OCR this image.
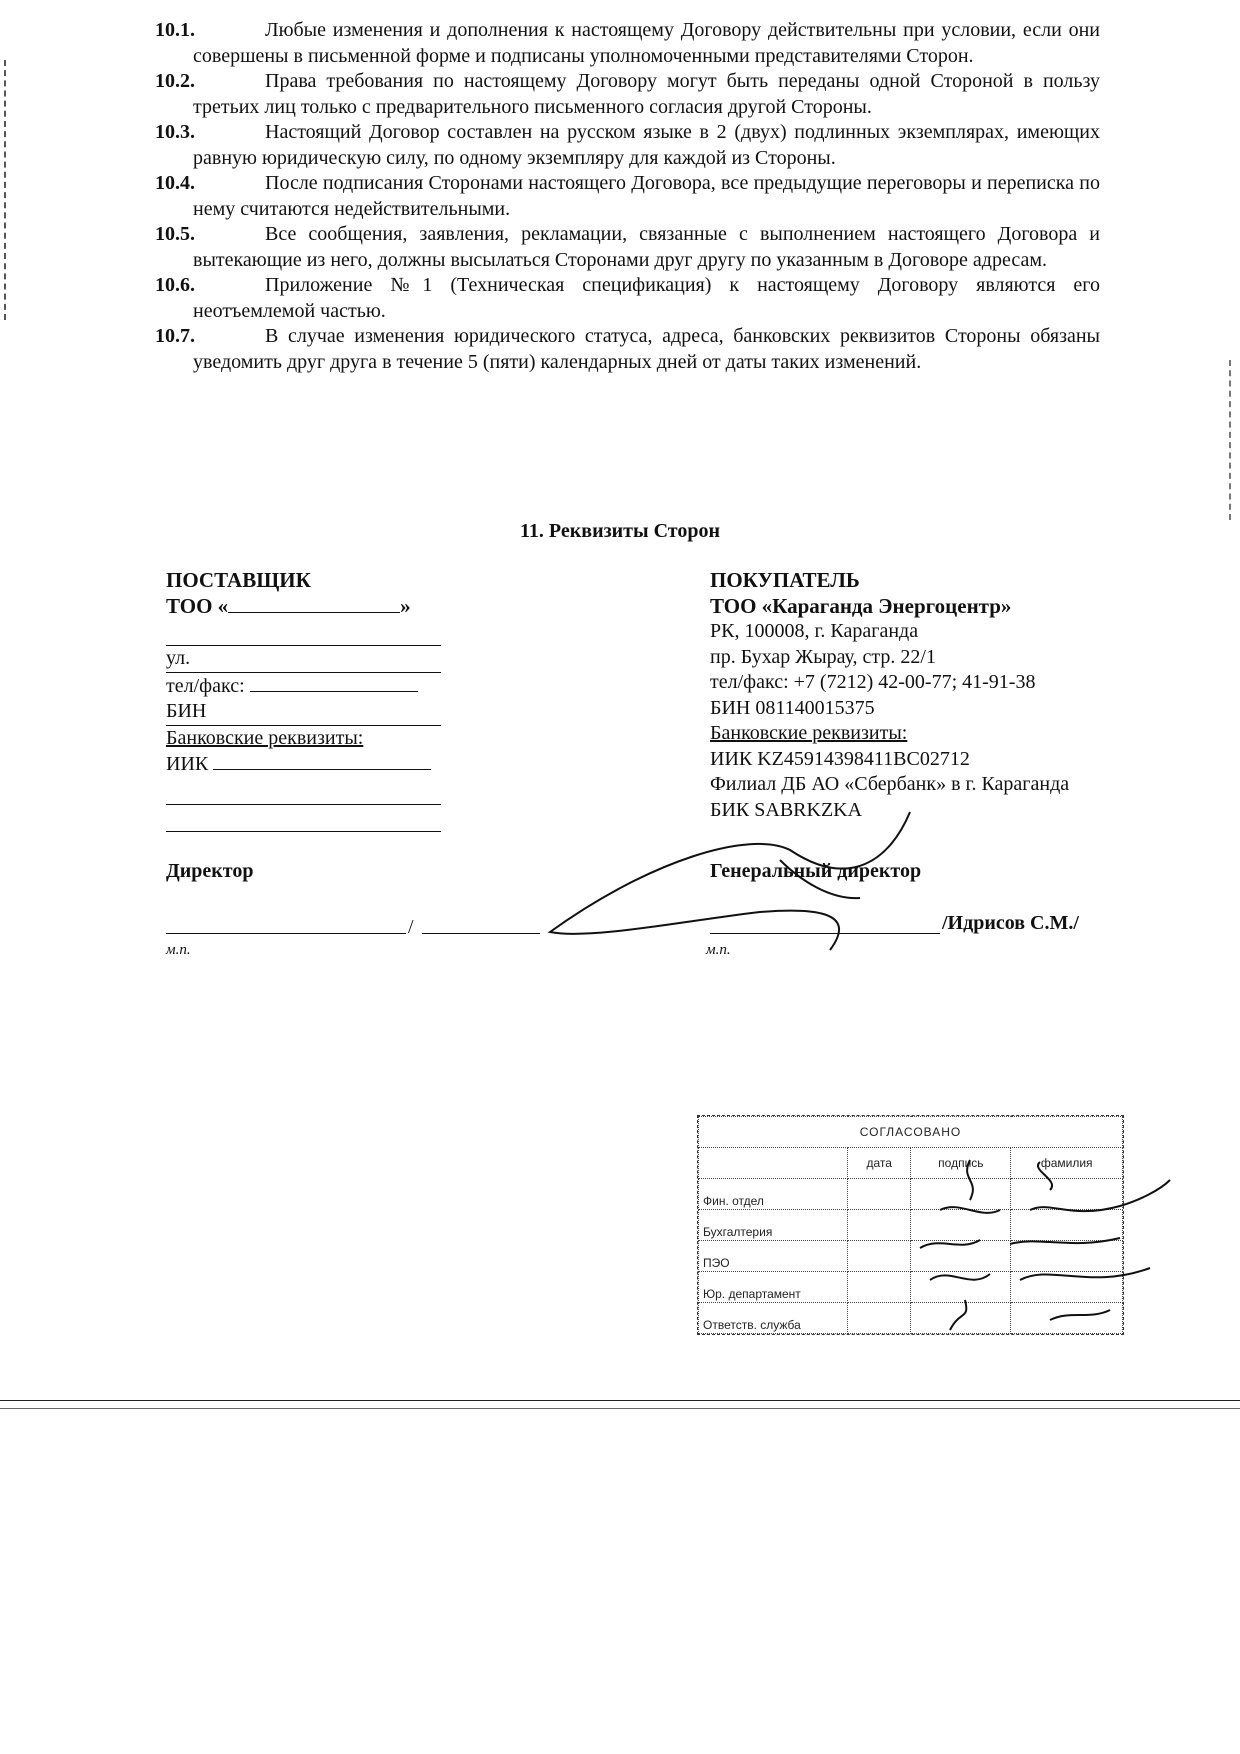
10.1.	Любые изменения и дополнения к настоящему Договору действительны при условии, если они совершены в письменной форме и подписаны уполномоченными представителями Сторон.
10.2.	Права требования по настоящему Договору могут быть переданы одной Стороной в пользу третьих лиц только с предварительного письменного согласия другой Стороны.
10.3.	Настоящий Договор составлен на русском языке в 2 (двух) подлинных экземплярах, имеющих равную юридическую силу, по одному экземпляру для каждой из Стороны.
10.4.	После подписания Сторонами настоящего Договора, все предыдущие переговоры и переписка по нему считаются недействительными.
10.5.	Все сообщения, заявления, рекламации, связанные с выполнением настоящего Договора и вытекающие из него, должны высылаться Сторонами друг другу по указанным в Договоре адресам.
10.6.	Приложение №1 (Техническая спецификация) к настоящему Договору являются его неотъемлемой частью.
10.7.	В случае изменения юридического статуса, адреса, банковских реквизитов Стороны обязаны уведомить друг друга в течение 5 (пяти) календарных дней от даты таких изменений.
11. Реквизиты Сторон
ПОСТАВЩИК
ТОО «	»
ул.
тел/факс:
БИН
Банковские реквизиты:
ИИК
ПОКУПАТЕЛЬ
ТОО «Караганда Энергоцентр»
РК, 100008, г. Караганда
пр. Бухар Жырау, стр. 22/1
тел/факс: +7 (7212) 42-00-77; 41-91-38
БИН 081140015375
Банковские реквизиты:
ИИК KZ45914398411BC02712
Филиал ДБ АО «Сбербанк» в г. Караганда
БИК SABRKZKA
Директор	Генеральный директор
/	/Идрисов С.М./
м.п.	м.п.
СОГЛАСОВАНО			
	дата	подпись	фамилия
Фин. отдел			
Бухгалтерия			
ПЭО			
Юр. департамент			
Ответств. служба			
